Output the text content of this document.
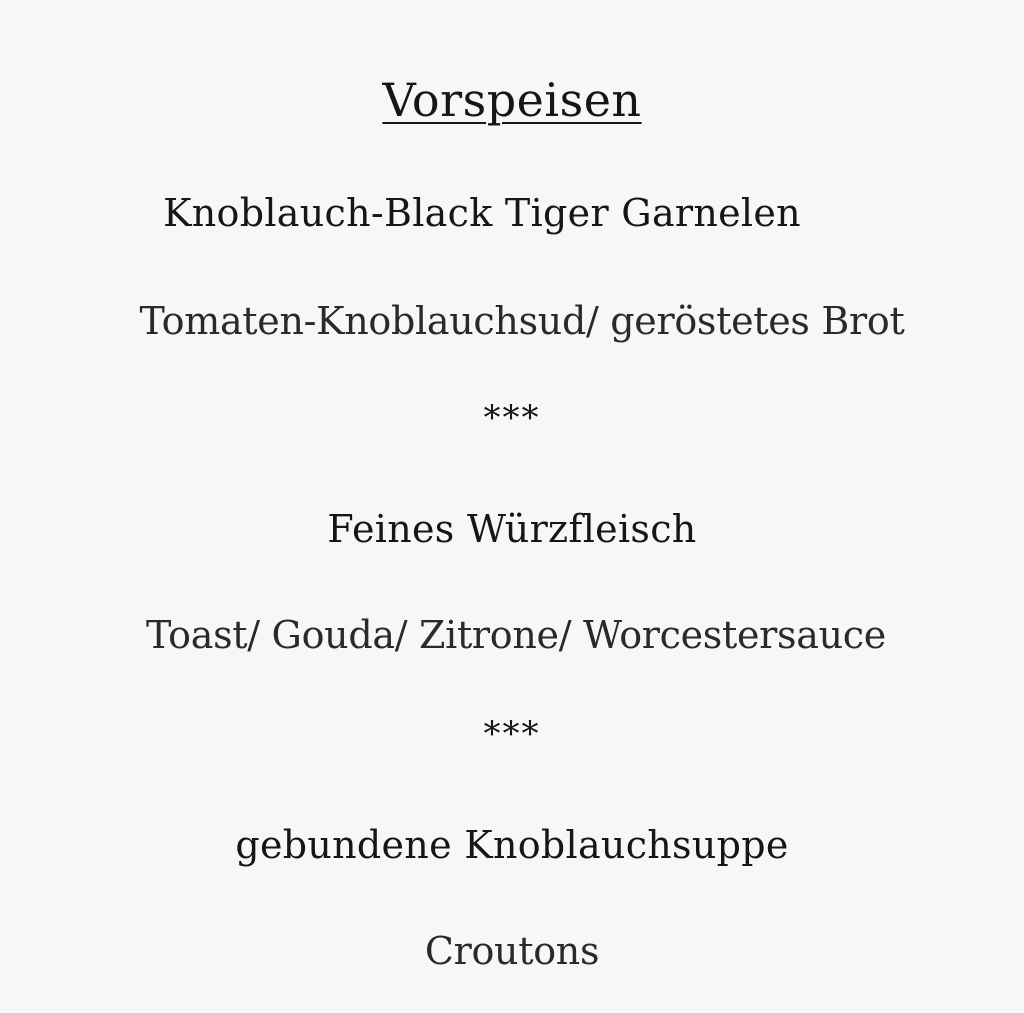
Vorspeisen
Knoblauch-Black Tiger Garnelen
Tomaten-Knoblauchsud/ geröstetes Brot
***
Feines Würzfleisch
Toast/ Gouda/ Zitrone/ Worcestersauce
***
gebundene Knoblauchsuppe
Croutons
